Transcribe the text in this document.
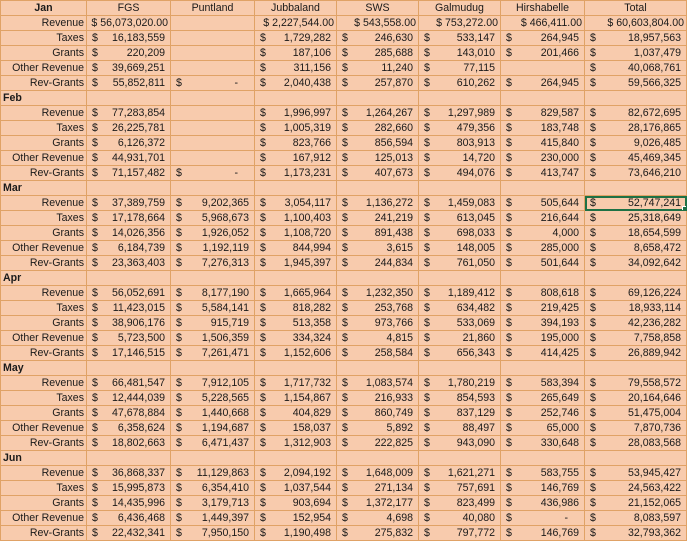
Jan	FGS	Puntland	Jubbaland	SWS	Galmudug	Hirshabelle	Total
Revenue	$ 56,073,020.00		$ 2,227,544.00	$ 543,558.00	$ 753,272.00	$ 466,411.00	$ 60,603,804.00
Taxes	$ 16,183,559		$ 1,729,282	$ 246,630	$ 533,147	$ 264,945	$ 18,957,563

Grants	$ 220,209		$ 187,106	$ 285,688	$ 143,010	$ 201,466	$ 1,037,479

Other Revenue	$ 39,669,251		$ 311,156	$ 11,240	$ 77,115		$ 40,068,761

Rev-Grants	$ 55,852,811	$ -	$ 2,040,438	$ 257,870	$ 610,262	$ 264,945	$ 59,566,325

Feb							
Revenue	$ 77,283,854		$ 1,996,997	$ 1,264,267	$ 1,297,989	$ 829,587	$ 82,672,695

Taxes	$ 26,225,781		$ 1,005,319	$ 282,660	$ 479,356	$ 183,748	$ 28,176,865

Grants	$ 6,126,372		$ 823,766	$ 856,594	$ 803,913	$ 415,840	$ 9,026,485

Other Revenue	$ 44,931,701		$ 167,912	$ 125,013	$ 14,720	$ 230,000	$ 45,469,345

Rev-Grants	$ 71,157,482	$ -	$ 1,173,231	$ 407,673	$ 494,076	$ 413,747	$ 73,646,210

Mar							
Revenue	$ 37,389,759	$ 9,202,365	$ 3,054,117	$ 1,136,272	$ 1,459,083	$ 505,644	$ 52,747,241

Taxes	$ 17,178,664	$ 5,968,673	$ 1,100,403	$ 241,219	$ 613,045	$ 216,644	$ 25,318,649

Grants	$ 14,026,356	$ 1,926,052	$ 1,108,720	$ 891,438	$ 698,033	$ 4,000	$ 18,654,599

Other Revenue	$ 6,184,739	$ 1,192,119	$ 844,994	$ 3,615	$ 148,005	$ 285,000	$ 8,658,472

Rev-Grants	$ 23,363,403	$ 7,276,313	$ 1,945,397	$ 244,834	$ 761,050	$ 501,644	$ 34,092,642

Apr							
Revenue	$ 56,052,691	$ 8,177,190	$ 1,665,964	$ 1,232,350	$ 1,189,412	$ 808,618	$ 69,126,224

Taxes	$ 11,423,015	$ 5,584,141	$ 818,282	$ 253,768	$ 634,482	$ 219,425	$ 18,933,114

Grants	$ 38,906,176	$ 915,719	$ 513,358	$ 973,766	$ 533,069	$ 394,193	$ 42,236,282

Other Revenue	$ 5,723,500	$ 1,506,359	$ 334,324	$ 4,815	$ 21,860	$ 195,000	$ 7,758,858

Rev-Grants	$ 17,146,515	$ 7,261,471	$ 1,152,606	$ 258,584	$ 656,343	$ 414,425	$ 26,889,942

May							
Revenue	$ 66,481,547	$ 7,912,105	$ 1,717,732	$ 1,083,574	$ 1,780,219	$ 583,394	$ 79,558,572

Taxes	$ 12,444,039	$ 5,228,565	$ 1,154,867	$ 216,933	$ 854,593	$ 265,649	$ 20,164,646

Grants	$ 47,678,884	$ 1,440,668	$ 404,829	$ 860,749	$ 837,129	$ 252,746	$ 51,475,004

Other Revenue	$ 6,358,624	$ 1,194,687	$ 158,037	$ 5,892	$ 88,497	$ 65,000	$ 7,870,736

Rev-Grants	$ 18,802,663	$ 6,471,437	$ 1,312,903	$ 222,825	$ 943,090	$ 330,648	$ 28,083,568

Jun							
Revenue	$ 36,868,337	$ 11,129,863	$ 2,094,192	$ 1,648,009	$ 1,621,271	$ 583,755	$ 53,945,427

Taxes	$ 15,995,873	$ 6,354,410	$ 1,037,544	$ 271,134	$ 757,691	$ 146,769	$ 24,563,422

Grants	$ 14,435,996	$ 3,179,713	$ 903,694	$ 1,372,177	$ 823,499	$ 436,986	$ 21,152,065

Other Revenue	$ 6,436,468	$ 1,449,397	$ 152,954	$ 4,698	$ 40,080	$ -	$ 8,083,597

Rev-Grants	$ 22,432,341	$ 7,950,150	$ 1,190,498	$ 275,832	$ 797,772	$ 146,769	$ 32,793,362
